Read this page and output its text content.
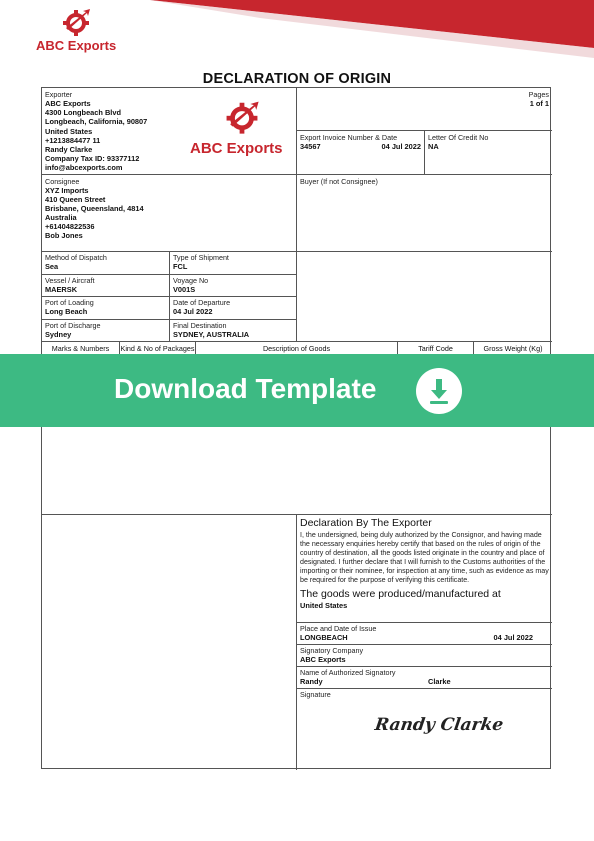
ABC Exports
DECLARATION OF ORIGIN
Exporter
ABC Exports
4300 Longbeach Blvd
Longbeach, California, 90807
United States
+1213884477 11
Randy Clarke
Company Tax ID: 93377112
info@abcexports.com
ABC Exports
Pages
1 of 1
Export Invoice Number & Date
34567	04 Jul 2022
Letter Of Credit No
NA
Consignee
XYZ Imports
410 Queen Street
Brisbane, Queensland, 4814
Australia
+61404822536
Bob Jones
Buyer (If not Consignee)
Method of Dispatch
Sea
Type of Shipment
FCL
Vessel / Aircraft
MAERSK
Voyage No
V001S
Port of Loading
Long Beach
Date of Departure
04 Jul 2022
Port of Discharge
Sydney
Final Destination
SYDNEY, AUSTRALIA
Marks & Numbers	Kind & No of Packages	Description of Goods	Tariff Code	Gross Weight (Kg)
Declaration By The Exporter
I, the undersigned, being duly authorized by the Consignor, and having made the necessary enquiries hereby certify that based on the rules of origin of the country of destination, all the goods listed originate in the country and place of designated. I further declare that I will furnish to the Customs authorities of the importing or their nominee, for inspection at any time, such as evidence as may be required for the purpose of verifying this certificate.
The goods were produced/manufactured at
United States
Place and Date of Issue
LONGBEACH	04 Jul 2022
Signatory Company
ABC Exports
Name of Authorized Signatory
Randy	Clarke
Signature
Randy Clarke
Download Template
